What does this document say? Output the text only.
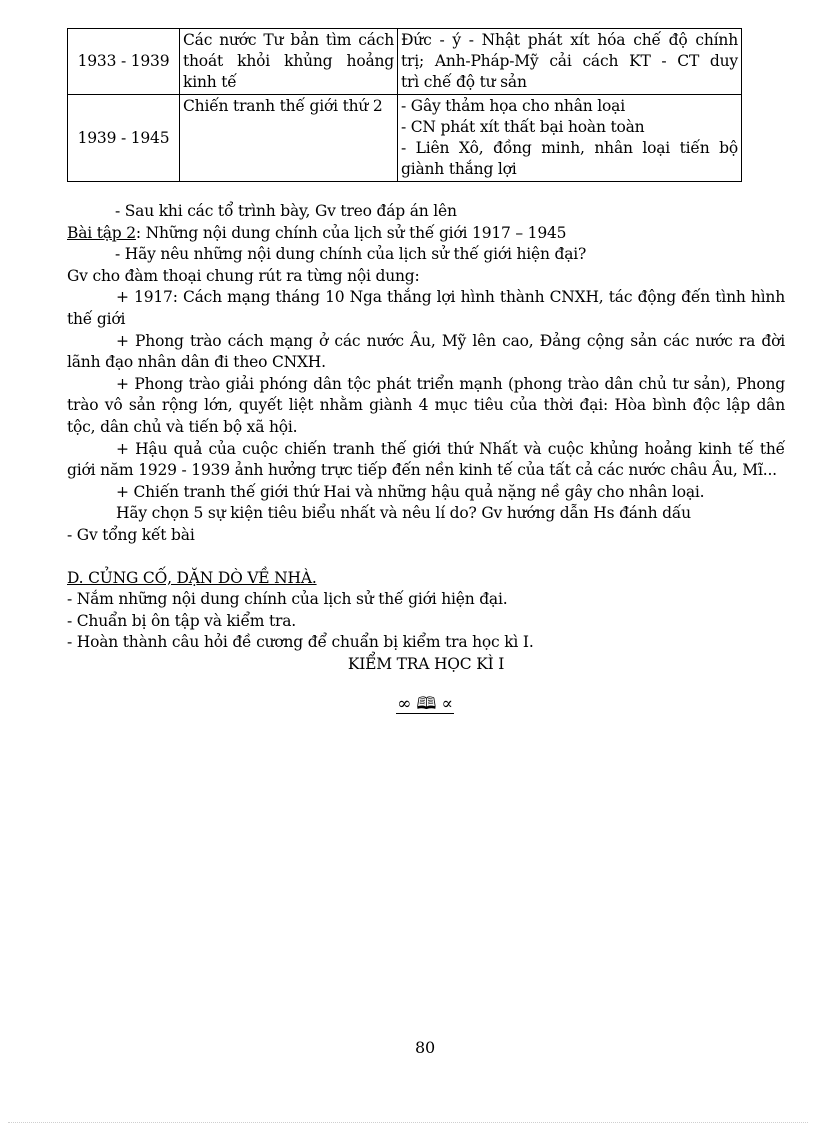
1933 - 1939	Các nước Tư bản tìm cách
thoát khỏi khủng hoảng
kinh tế	Đức - ý - Nhật phát xít hóa chế độ chính
trị; Anh-Pháp-Mỹ cải cách KT - CT duy
trì chế độ tư sản

1939 - 1945	Chiến tranh thế giới thứ 2	- Gây thảm họa cho nhân loại
- CN phát xít thất bại hoàn toàn
- Liên Xô, đồng minh, nhân loại tiến bộ
giành thắng lợi

- Sau khi các tổ trình bày, Gv treo đáp án lên

Bài tập 2: Những nội dung chính của lịch sử thế giới 1917 – 1945

- Hãy nêu những nội dung chính của lịch sử thế giới hiện đại?

Gv cho đàm thoại chung rút ra từng nội dung:

+ 1917: Cách mạng tháng 10 Nga thắng lợi hình thành CNXH, tác động đến tình hình thế giới

+ Phong trào cách mạng ở các nước Âu, Mỹ lên cao, Đảng cộng sản các nước ra đời lãnh đạo nhân dân đi theo CNXH.

+ Phong trào giải phóng dân tộc phát triển mạnh (phong trào dân chủ tư sản), Phong trào vô sản rộng lớn, quyết liệt nhằm giành 4 mục tiêu của thời đại: Hòa bình độc lập dân tộc, dân chủ và tiến bộ xã hội.

+ Hậu quả của cuộc chiến tranh thế giới thứ Nhất và cuộc khủng hoảng kinh tế thế giới năm 1929 - 1939 ảnh hưởng trực tiếp đến nền kinh tế của tất cả các nước châu Âu, Mĩ...

+ Chiến tranh thế giới thứ Hai và những hậu quả nặng nề gây cho nhân loại.

Hãy chọn 5 sự kiện tiêu biểu nhất và nêu lí do? Gv hướng dẫn Hs đánh dấu

- Gv tổng kết bài

D. CỦNG CỐ, DẶN DÒ VỀ NHÀ.

- Nắm những nội dung chính của lịch sử thế giới hiện đại.

- Chuẩn bị ôn tập và kiểm tra.

- Hoàn thành câu hỏi đề cương để chuẩn bị kiểm tra học kì I.

KIỂM TRA HỌC KÌ I

∞ 🕮 ∝
80
